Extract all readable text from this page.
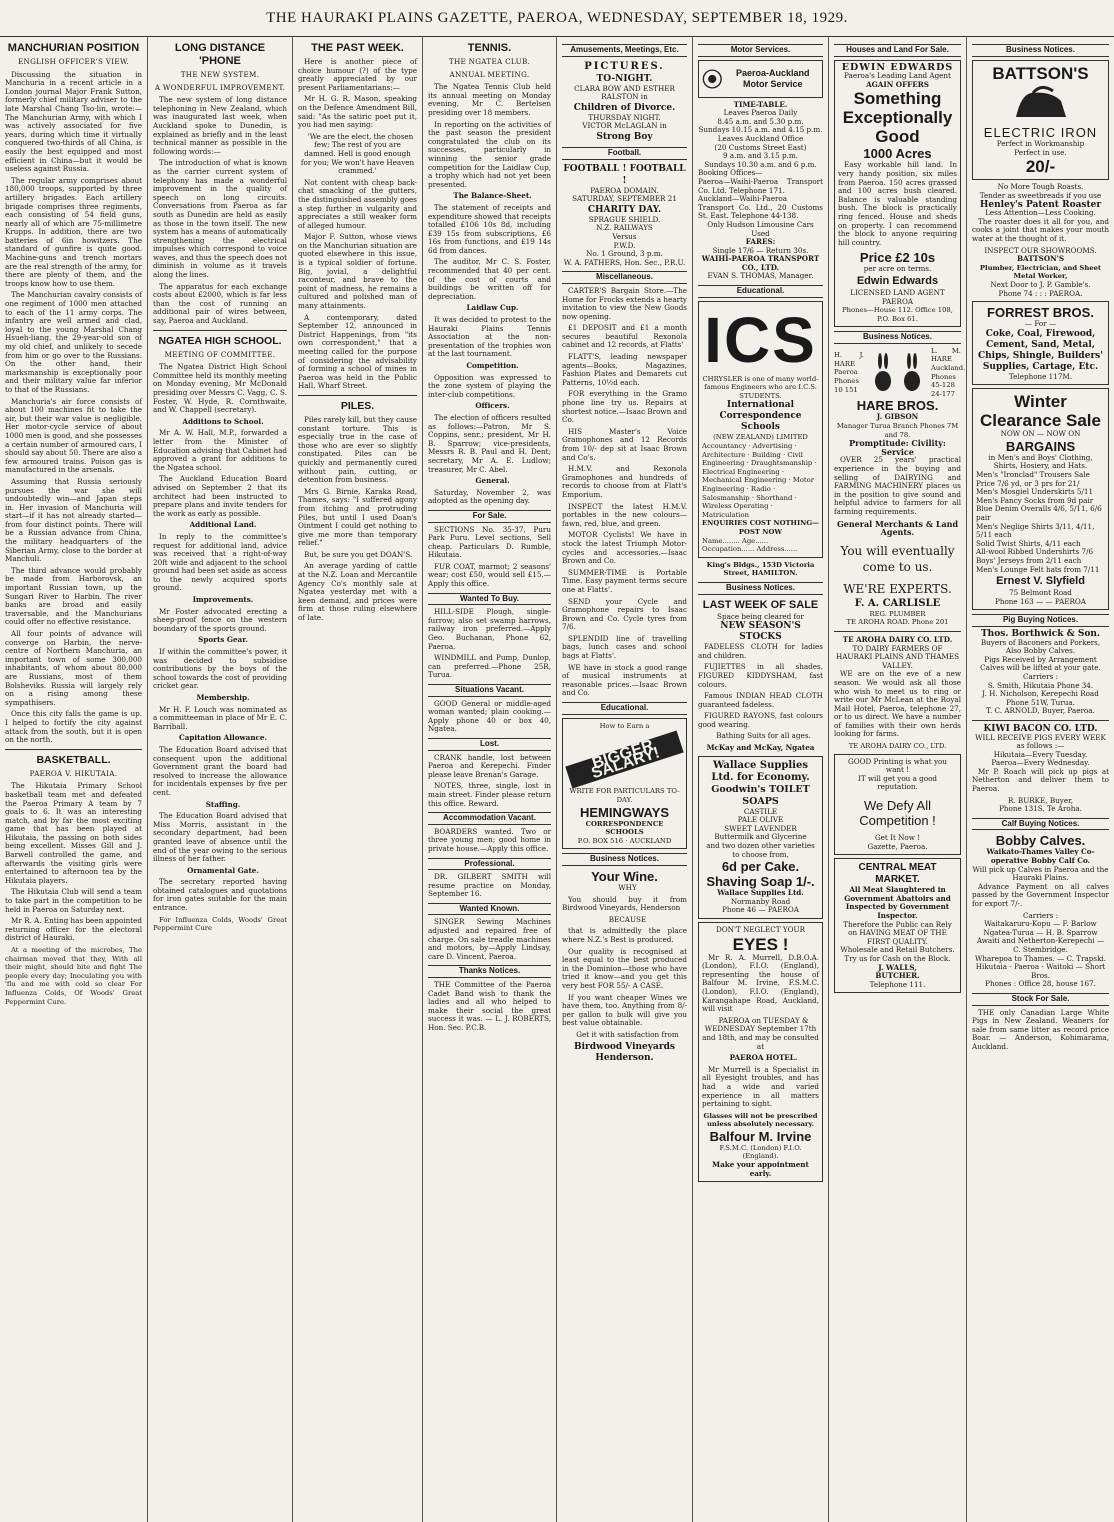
THE HAURAKI PLAINS GAZETTE, PAEROA, WEDNESDAY, SEPTEMBER 18, 1929.
MANCHURIAN POSITION
ENGLISH OFFICER'S VIEW.

Discussing the situation in Manchuria in a recent article in a London journal Major Frank Sutton, formerly chief military adviser to the late Marshal Chang Tso-lin, wrote:—The Manchurian Army, with which I was actively associated for five years, during which time it virtually conquered two-thirds of all China, is easily the best equipped and most efficient in China—but it would be useless against Russia.

The regular army comprises about 180,000 troops, supported by three artillery brigades. Each artillery brigade comprises three regiments, each consisting of 54 field guns, nearly all of which are 75-millimetre Krupps. In addition, there are two batteries of 6in howitzers. The standard of gunfire is quite good. Machine-guns and trench mortars are the real strength of the army, for there are plenty of them, and the troops know how to use them.

The Manchurian cavalry consists of one regiment of 1000 men attached to each of the 11 army corps. The infantry are well armed and clad, loyal to the young Marshal Chang Hsueh-liang, the 29-year-old son of my old chief, and unlikely to secede from him or go over to the Russians. On the other hand, their marksmanship is exceptionally poor and their military value far inferior to that of the Russians.

Manchuria's air force consists of about 100 machines fit to take the air, but their war value is negligible. Her motor-cycle service of about 1000 men is good, and she possesses a certain number of armoured cars, I should say about 50. There are also a few armoured trains. Poison gas is manufactured in the arsenals.

Assuming that Russia seriously pursues the war she will undoubtedly win—and Japan steps in. Her invasion of Manchuria will start—if it has not already started—from four distinct points. There will be a Russian advance from China, the military headquarters of the Siberian Army, close to the border at Manchuli.

The third advance would probably be made from Harborovsk, an important Russian town, up the Sungari River to Harbin. The river banks are broad and easily traversable, and the Manchurians could offer no effective resistance.

All four points of advance will converge on Harbin, the nerve-centre of Northern Manchuria, an important town of some 300,000 inhabitants, of whom about 80,000 are Russians, most of them Bolsheviks. Russia will largely rely on a rising among these sympathisers.

Once this city falls the game is up. I helped to fortify the city against attack from the south, but it is open on the north.

BASKETBALL.
PAEROA V. HIKUTAIA.

The Hikutaia Primary School basketball team met and defeated the Paeroa Primary A team by 7 goals to 6. It was an interesting match, and by far the most exciting game that has been played at Hikutaia, the passing on both sides being excellent. Misses Gill and J. Barwell controlled the game, and afterwards the visiting girls were entertained to afternoon tea by the Hikutaia players.

The Hikutaia Club will send a team to take part in the competition to be held in Paeroa on Saturday next.

Mr R. A. Enting has been appointed returning officer for the electoral district of Hauraki.

At a meeting of the microbes, The chairman moved that they, With all their might, should bite and fight The people every day; Inoculating you with 'flu and me with cold so clear For Influenza Colds, Of Woods' Great Peppermint Cure.

LONG DISTANCE 'PHONE
THE NEW SYSTEM.
A WONDERFUL IMPROVEMENT.

The new system of long distance telephoning in New Zealand, which was inaugurated last week, when Auckland spoke to Dunedin, is explained as briefly and in the least technical manner as possible in the following words:—

The introduction of what is known as the carrier current system of telephony has made a wonderful improvement in the quality of speech on long circuits. Conversations from Paeroa as far south as Dunedin are held as easily as those in the town itself. The new system has a means of automatically strengthening the electrical impulses which correspond to voice waves, and thus the speech does not diminish in volume as it travels along the lines.

The apparatus for each exchange costs about £2000, which is far less than the cost of running an additional pair of wires between, say, Paeroa and Auckland.

NGATEA HIGH SCHOOL.
MEETING OF COMMITTEE.

The Ngatea District High School Committee held its monthly meeting on Monday evening, Mr McDonald presiding over Messrs C. Vagg, C. S. Foster, W. Hyde, R. Cornthwaite, and W. Chappell (secretary).

Additions to School.

Mr A. W. Hall, M.P., forwarded a letter from the Minister of Education advising that Cabinet had approved a grant for additions to the Ngatea school.

The Auckland Education Board advised on September 2 that its architect had been instructed to prepare plans and invite tenders for the work as early as possible.

Additional Land.

In reply to the committee's request for additional land, advice was received that a right-of-way 20ft wide and adjacent to the school ground had been set aside as access to the newly acquired sports ground.

Improvements.

Mr Foster advocated erecting a sheep-proof fence on the western boundary of the sports ground.

Sports Gear.

If within the committee's power, it was decided to subsidise contributions by the boys of the school towards the cost of providing cricket gear.

Membership.

Mr H. F. Louch was nominated as a committeeman in place of Mr E. C. Barriball.

Capitation Allowance.

The Education Board advised that consequent upon the additional Government grant the board had resolved to increase the allowance for incidentals expenses by five per cent.

Staffing.

The Education Board advised that Miss Morris, assistant in the secondary department, had been granted leave of absence until the end of the year owing to the serious illness of her father.

Ornamental Gate.

The secretary reported having obtained catalogues and quotations for iron gates suitable for the main entrance.

For Influenza Colds, Woods' Great Peppermint Cure

THE PAST WEEK.

Here is another piece of choice humour (?) of the type greatly appreciated by our present Parliamentarians:—

Mr H. G. R. Mason, speaking on the Defence Amendment Bill, said: "As the satiric poet put it, you had men saying:

'We are the elect, the chosen few; The rest of you are damned. Hell is good enough for you; We won't have Heaven crammed.'

Not content with cheap back-chat smacking of the gutters, the distinguished assembly goes a step further in vulgarity and appreciates a still weaker form of alleged humour.

Major F. Sutton, whose views on the Manchurian situation are quoted elsewhere in this issue, is a typical soldier of fortune. Big, jovial, a delightful raconteur, and brave to the point of madness, he remains a cultured and polished man of many attainments.

A contemporary, dated September 12, announced in District Happenings, from "its own correspondent," that a meeting called for the purpose of considering the advisability of forming a school of mines in Paeroa was held in the Public Hall, Wharf Street.

PILES.

Piles rarely kill, but they cause constant torture. This is especially true in the case of those who are ever so slightly constipated. Piles can be quickly and permanently cured without pain, cutting, or detention from business.

Mrs G. Birnie, Karaka Road, Thames, says: "I suffered agony from itching and protruding Piles, but until I used Doan's Ointment I could get nothing to give me more than temporary relief."

But, be sure you get DOAN'S.

An average yarding of cattle at the N.Z. Loan and Mercantile Agency Co's monthly sale at Ngatea yesterday met with a keen demand, and prices were firm at those ruling elsewhere of late.

TENNIS.
THE NGATEA CLUB.
ANNUAL MEETING.

The Ngatea Tennis Club held its annual meeting on Monday evening, Mr C. Bertelsen presiding over 18 members.

In reporting on the activities of the past season the president congratulated the club on its successes, particularly in winning the senior grade competition for the Laidlaw Cup, a trophy which had not yet been presented.

The Balance-Sheet.

The statement of receipts and expenditure showed that receipts totalled £106 10s 8d, including £39 15s from subscriptions, £6 16s from functions, and £19 14s 6d from dances.

The auditor, Mr C. S. Foster, recommended that 40 per cent. of the cost of courts and buildings be written off for depreciation.

Laidlaw Cup.

It was decided to protest to the Hauraki Plains Tennis Association at the non-presentation of the trophies won at the last tournament.

Competition.

Opposition was expressed to the zone system of playing the inter-club competitions.

Officers.

The election of officers resulted as follows:—Patron, Mr S. Coppins, senr.; president, Mr H. B. Sparrow; vice-presidents, Messrs R. B. Paul and H. Dent; secretary, Mr A. E. Ludlow; treasurer, Mr C. Abel.

General.

Saturday, November 2, was adopted as the opening day.

For Sale.

SECTIONS No. 35-37, Puru Park Puru. Level sections, Sell cheap. Particulars D. Rumble, Hikutaia.

FUR COAT, marmot; 2 seasons' wear; cost £50, would sell £15.—Apply this office.

Wanted To Buy.

HILL-SIDE Plough, single-furrow; also set swamp harrows, railway iron preferred.—Apply Geo. Buchanan, Phone 62, Paeroa.

WINDMILL and Pump, Dunlop, can preferred.—Phone 25R, Turua.

Situations Vacant.

GOOD General or middle-aged woman wanted; plain cooking.—Apply phone 40 or box 40, Ngatea.

Lost.

CRANK handle, lost between Paeroa and Kerepechi. Finder please leave Brenan's Garage.

NOTES, three, single, lost in main street. Finder please return this office. Reward.

Accommodation Vacant.

BOARDERS wanted. Two or three young men; good home in private house.—Apply this office.

Professional.

DR. GILBERT SMITH will resume practice on Monday, September 16.

Wanted Known.

SINGER Sewing Machines adjusted and repaired free of charge. On sale treadle machines and motors, by—Apply Lindsay, care D. Vincent, Paeroa.

Thanks Notices.

THE Committee of the Paeroa Cadet Band wish to thank the ladies and all who helped to make their social the great success it was. — L. J. ROBERTS, Hon. Sec. P.C.B.

Amusements, Meetings, Etc.
PICTURES.
TO-NIGHT.
CLARA BOW AND ESTHER RALSTON in
Children of Divorce.
THURSDAY NIGHT.
VICTOR McLAGLAN in
Strong Boy
Football.
FOOTBALL ! FOOTBALL !
PAEROA DOMAIN.
SATURDAY, SEPTEMBER 21
CHARITY DAY.
SPRAGUE SHIELD.
N.Z. RAILWAYS
Versus
P.W.D.
No. 1 Ground, 3 p.m.
W. A. FATHERS, Hon. Sec., P.R.U.
Miscellaneous.

CARTER'S Bargain Store.—The Home for Frocks extends a hearty invitation to view the New Goods now opening.

£1 DEPOSIT and £1 a month secures beautiful Rexonola cabinet and 12 records, at Flatts'

FLATT'S, leading newspaper agents—Books, Magazines, Fashion Plates and Demarets cut Patterns, 10½d each.

FOR everything in the Gramo phone line try us. Repairs at shortest notice.—Isaac Brown and Co.

HIS Master's Voice Gramophones and 12 Records from 10/- dep sit at Isaac Brown and Co's.

H.M.V. and Rexonola Gramophones and hundreds of records to choose from at Flatt's Emporium.

INSPECT the latest H.M.V. portables in the new colours—fawn, red, blue, and green.

MOTOR Cyclists! We have in stock the latest Triumph Motor-cycles and accessories.—Isaac Brown and Co.

SUMMER-TIME is Portable Time. Easy payment terms secure one at Flatts'.

SEND your Cycle and Gramophone repairs to Isaac Brown and Co. Cycle tyres from 7/6.

SPLENDID line of travelling bags, lunch cases and school bags at Flatts'.

WE have in stock a good range of musical instruments at reasonable prices.—Isaac Brown and Co.

Educational.
How to Earn a
BIGGER SALARY!
WRITE FOR PARTICULARS TO-DAY.
HEMINGWAYS
CORRESPONDENCE SCHOOLS
P.O. BOX 516 · AUCKLAND
Business Notices.
Your Wine.

WHY

You should buy it from Birdwood Vineyards, Henderson

BECAUSE

that is admittedly the place where N.Z.'s Best is produced.

Our quality is recognised at least equal to the best produced in the Dominion—those who have tried it know—and you get this very best FOR 55/- A CASE.

If you want cheaper Wines we have them, too. Anything from 8/- per gallon to bulk will give you best value obtainable.

Get it with satisfaction from

Birdwood Vineyards Henderson.
Motor Services.
Paeroa-Auckland Motor Service
TIME-TABLE.
Leaves Paeroa Daily
8.45 a.m. and 5.30 p.m.
Sundays 10.15 a.m. and 4.15 p.m.
Leaves Auckland Office
(20 Customs Street East)
9 a.m. and 3.15 p.m.
Sundays 10.30 a.m. and 6 p.m.
Booking Offices—
Paeroa—Waihi-Paeroa Transport Co. Ltd. Telephone 171.
Auckland—Waihi-Paeroa Transport Co. Ltd., 20 Customs St. East. Telephone 44-138.
Only Hudson Limousine Cars Used
FARES:
Single 17/6 — Return 30s.
WAIHI-PAEROA TRANSPORT CO., LTD.
EVAN S. THOMAS, Manager.
Educational.
ICS
CHRYSLER is one of many world-famous Engineers who are I.C.S. STUDENTS.
International Correspondence Schools
(NEW ZEALAND) LIMITED
Accountancy · Advertising · Architecture · Building · Civil Engineering · Draughtsmanship · Electrical Engineering · Mechanical Engineering · Motor Engineering · Radio · Salesmanship · Shorthand · Wireless Operating · Matriculation
ENQUIRIES COST NOTHING—POST NOW
Name........ Age...... Occupation...... Address......
King's Bldgs., 153D Victoria Street, HAMILTON.
Business Notices.
LAST WEEK OF SALE
Space being cleared for
NEW SEASON'S STOCKS

FADELESS CLOTH for ladies and children.

FUJIETTES in all shades, FIGURED KIDDYSHAM, fast colours.

Famous INDIAN HEAD CLOTH guaranteed fadeless.

FIGURED RAYONS, fast colours good wearing.

Bathing Suits for all ages.

McKay and McKay, Ngatea
Wallace Supplies Ltd. for Economy.
Goodwin's TOILET SOAPS
CASTILE
PALE OLIVE
SWEET LAVENDER
Buttermilk and Glycerine
and two dozen other varieties to choose from,
6d per Cake.
Shaving Soap 1/-.
Wallace Supplies Ltd.
Normanby Road
Phone 46 — PAEROA
DON'T NEGLECT YOUR
EYES !

Mr R. A. Murrell, D.B.O.A. (London), F.I.O. (England), representing the house of Balfour M. Irvine, F.S.M.C. (London), F.I.O. (England), Karangahape Road, Auckland, will visit

PAEROA on TUESDAY & WEDNESDAY September 17th and 18th, and may be consulted at

PAEROA HOTEL.

Mr Murrell is a Specialist in all Eyesight troubles, and has had a wide and varied experience in all matters pertaining to sight.

Glasses will not be prescribed unless absolutely necessary.
Balfour M. Irvine
F.S.M.C. (London) F.I.O. (England).
Make your appointment early.
Houses and Land For Sale.
EDWIN EDWARDS
Paeroa's Leading Land Agent
AGAIN OFFERS
Something Exceptionally Good
1000 Acres

Easy workable hill land. In very handy position, six miles from Paeroa. 150 acres grassed and 100 acres bush cleared. Balance is valuable standing bush. The block is practically ring fenced. House and sheds on property. I can recommend the block to anyone requiring hill country.

Price £2 10s
per acre on terms.
Edwin Edwards
LICENSED LAND AGENT
PAEROA
Phones—House 112. Office 108, P.O. Box 61.
Business Notices.
H. J. HARE Paeroa Phones 10 151
L. M. HARE Auckland. Phones 45-128 24-177
HARE BROS.
J. GIBSON
Manager Turua Branch Phones 7M and 78.
Promptitude: Civility: Service

OVER 25 years' practical experience in the buying and selling of DAIRYING and FARMING MACHINERY places us in the position to give sound and helpful advice to farmers for all farming requirements.

General Merchants & Land Agents.
You will eventually come to us.
WE'RE EXPERTS.
F. A. CARLISLE
REG. PLUMBER
TE AROHA ROAD. Phone 201
TE AROHA DAIRY CO. LTD.
TO DAIRY FARMERS OF HAURAKI PLAINS AND THAMES VALLEY.

WE are on the eve of a new season. We would ask all those who wish to meet us to ring or write our Mr McLean at the Royal Mail Hotel, Paeroa, telephone 27, or to us direct. We have a number of families with their own herds looking for farms.

TE AROHA DAIRY CO., LTD.
GOOD Printing is what you want !
IT will get you a good reputation.
We Defy All Competition !
Get It Now !
Gazette, Paeroa.
CENTRAL MEAT MARKET.
All Meat Slaughtered in Government Abattoirs and Inspected by Government Inspector.
Therefore the Public can Rely on HAVING MEAT OF THE FIRST QUALITY.
Wholesale and Retail Butchers. Try us for Cash on the Block.
J. WALLS,
BUTCHER.
Telephone 111.
Business Notices.
BATTSON'S
ELECTRIC IRON
Perfect in Workmanship
Perfect in use.
20/-
No More Tough Roasts.
Tender as sweetbreads if you use
Henley's Patent Roaster
Less Attention—Less Cooking.

The roaster does it all for you, and cooks a joint that makes your mouth water at the thought of it.

INSPECT OUR SHOWROOMS.
BATTSON'S
Plumber, Electrician, and Sheet Metal Worker,
Next Door to J. P. Gamble's.
Phone 74 : : : PAEROA.
FORREST BROS.
— For —
Coke, Coal, Firewood, Cement, Sand, Metal, Chips, Shingle, Builders' Supplies, Cartage, Etc.
Telephone 117M.
Winter Clearance Sale
NOW ON — NOW ON
BARGAINS
in Men's and Boys' Clothing, Shirts, Hosiery, and Hats.
Men's "Ironclad" Trousers Sale Price 7/6 yd, or 3 prs for 21/
Men's Mosgiel Underskirts 5/11
Men's Fancy Socks from 9d pair
Blue Denim Overalls 4/6, 5/11, 6/6 pair
Men's Neglige Shirts 3/11, 4/11, 5/11 each
Solid Twist Shirts, 4/11 each
All-wool Ribbed Undershirts 7/6
Boys' Jerseys from 2/11 each
Men's Lounge Felt hats from 7/11
Ernest V. Slyfield
75 Belmont Road
Phone 163 — — PAEROA
Pig Buying Notices.
Thos. Borthwick & Son.
Buyers of Baconers and Porkers, Also Bobby Calves.
Pigs Received by Arrangement
Calves will be lifted at your gate.
Carriers :
S. Smith, Hikutaia Phone 34.
J. H. Nicholson, Kerepechi Road Phone 51W, Turua.
T. C. ARNOLD, Buyer, Paeroa.
KIWI BACON CO. LTD.
WILL RECEIVE PIGS EVERY WEEK as follows :—
Hikutaia—Every Tuesday.
Paeroa—Every Wednesday.

Mr P. Roach will pick up pigs at Netherton and deliver them to Paeroa.

R. BURKE, Buyer,
Phone 131S, Te Aroha.
Calf Buying Notices.
Bobby Calves.
Waikato-Thames Valley Co-operative Bobby Calf Co.
Will pick up Calves in Paeroa and the Hauraki Plains.

Advance Payment on all calves passed by the Government Inspector for export 7/-.

Carriers :
Waitakaruru-Kopu — F. Barlow
Ngatea-Turua — H. B. Sparrow
Awaiti and Netherton-Kerepechi — C. Stembridge.
Wharepoa to Thames. — C. Trapski.
Hikutaia - Paeroa - Waitoki — Short Bros.
Phones : Office 28, house 167.
Stock For Sale.

THE only Canadian Large White Pigs in New Zealand. Weaners for sale from same litter as record price Boar. — Anderson, Kohimarama, Auckland.
